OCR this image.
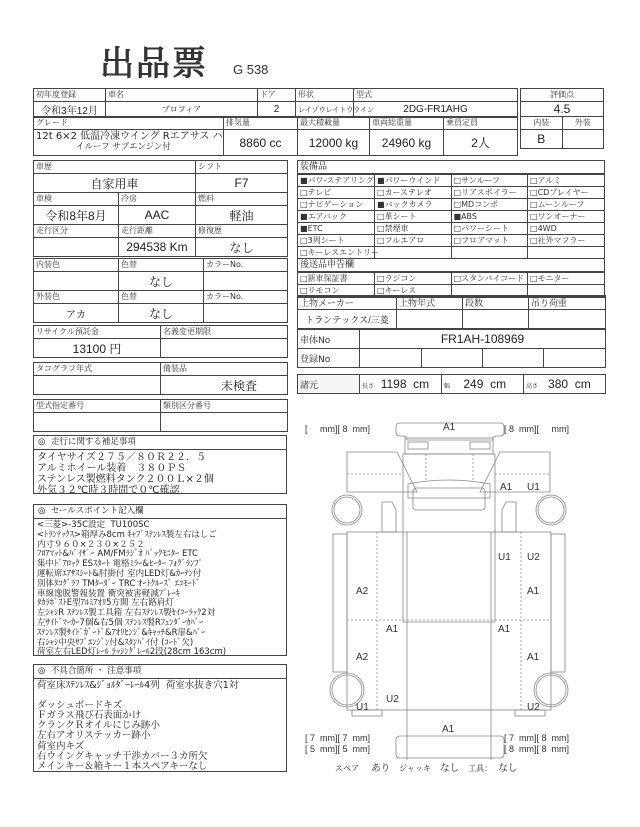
出品票 G 538
初年度登録	車名	ドア	形状	型式
令和3年12月	プロフィア	2	レイゾウレイトウウイン	2DG-FR1AHG
グレード	排気量	最大積載量	車両総重量	乗員定員

12t 6×2 低温冷凍ウイング Rエアサス ハ
イルーフ サブエンジン付	8860 cc	12000 kg	24960 kg	2人
評価点	
4.5	
内装	外装
B	
車歴		シフト
自家用車		F7
車検	冷房	燃料
令和8年8月	AAC	軽油
走行区分	走行距離	修復歴
	294538 Km	なし
内装色	色替	カラーNo.
	なし	
外装色	色替	カラーNo.
アカ	なし	
リサイクル預託金	名義変更期限
13100 円	
タコグラフ年式	備装品
	未検査
型式指定番号	類別区分番号

装備品
■パワ-ステアリング	■パワーウインド	□サンルーフ	□アルミ
□テレビ	□カーステレオ	□リアスポイラー	□CDプレイヤー
□ナビゲーション	■バックカメラ	□MDコンポ	□ムーンルーフ
■エアバック	□革シート	■ABS	□ワンオーナー
■ETC	□禁煙車	□パワーシート	□4WD
□3列シート	□フルエアロ	□フロアマット	□社外マフラー
□キーレスエントリー			
後送品申告欄
□新車保証書	□ラジコン	□スタンバイコード	□モニター
□リモコン	□キーレス		
上物メーカー	上物年式	段数	吊り荷重
トランテックス/三菱			
車体No	FR1AH-108969			
登録No				
諸元	長さ 1198 cm	幅 249 cm	高さ 380 cm
◎ 走行に関する補足事項
タイヤサイズ２７５／８０Ｒ２２．５
アルミホイール装着　３８０ＰＳ
ステンレス製燃料タンク２００Ｌ×２個
外気３２℃時３時間で０℃確認
◎ セールスポイント記入欄
<三菱>-35C設定  TU100SC
<ﾄﾗﾝﾃｯｸｽ>箱厚み8cm ｷｬﾌﾞｽﾃﾝﾚｽ製左右はしご
内寸９６０×２３０×２５２
ﾌﾛｱﾏｯﾄ&ﾊﾞｲｻﾞｰ AM/FMﾗｼﾞｵ ﾊﾞｯｸﾓﾆﾀｰ ETC
集中ﾄﾞｱﾛｯｸ ESｽﾀｰﾄ 電格ﾐﾗｰ&ﾋｰﾀｰ ﾌｫｸﾞﾗﾝﾌﾟ
運転席ｴｱｻｽｼｰﾄ&肘掛付 室内LED灯&ｶｰﾃﾝ付
別体ﾀｺｸﾞﾗﾌ TMﾀｰﾀﾞｰ TRC ｵｰﾄｸﾙｰｽﾞ ｴｺﾓｰﾄﾞ
車線逸脱警報装置 衝突被害軽減ﾌﾞﾚｰｷ
ﾀｶﾗﾎﾞｽﾄE型ｱﾙﾐｱｵﾘ5方開 左右路肩灯
左ｼｬｼR ｽﾃﾝﾚｽ製工具箱 左右ｽﾃﾝﾚｽ製ｾｲｺｰﾗｯｸ2対
左ｻｲﾄﾞﾏｰｶｰ7個&右5個 ｽﾃﾝﾚｽ製Rﾌｪﾝﾀﾞｰｶﾊﾞｰ
ｽﾃﾝﾚｽ製ｻｲﾄﾞｶﾞｰﾄﾞ&ｱｵﾘﾋﾝｼﾞ&ｷｬｯﾁ&R扉&ﾊﾞｰ
右ｼｬｼ中央ｻﾌﾞｴﾝｼﾞﾝ付&ｽﾀﾝﾊﾞｲ付 (ｺｰﾄﾞ欠)
荷室左右LED灯ﾚｰﾙ ﾗｯｼﾝｸﾞﾚｰﾙ2段(28cm 163cm)
◎ 不具合箇所 ・ 注意事項
荷室床ｽﾃﾝﾚｽ&ｼﾞｮﾙﾀﾞｰﾚｰﾙ4列  荷室水抜き穴1対
ダッシュボードキズ
Ｆガラス飛び石表面かけ
クランクＲオイルにじみ跡小
左右アオリステッカー跡小
荷室内キズ
右ウイングキャッチ干渉カバー３カ所欠
メインキー＆箱キー１本スペアキーなし
[     mm][ 8  mm]	[ 8  mm][     mm]
[ 7  mm][ 7  mm]
[ 5  mm][ 5  mm]
[ 7  mm][ 8  mm]
[ 8  mm][ 8  mm]
A1
A1 U1
U1 U2
A1
A2
A1	A1
A2	A1
U2
U1	U2
A1
スペア あり ジャッキ なし 工具： なし
